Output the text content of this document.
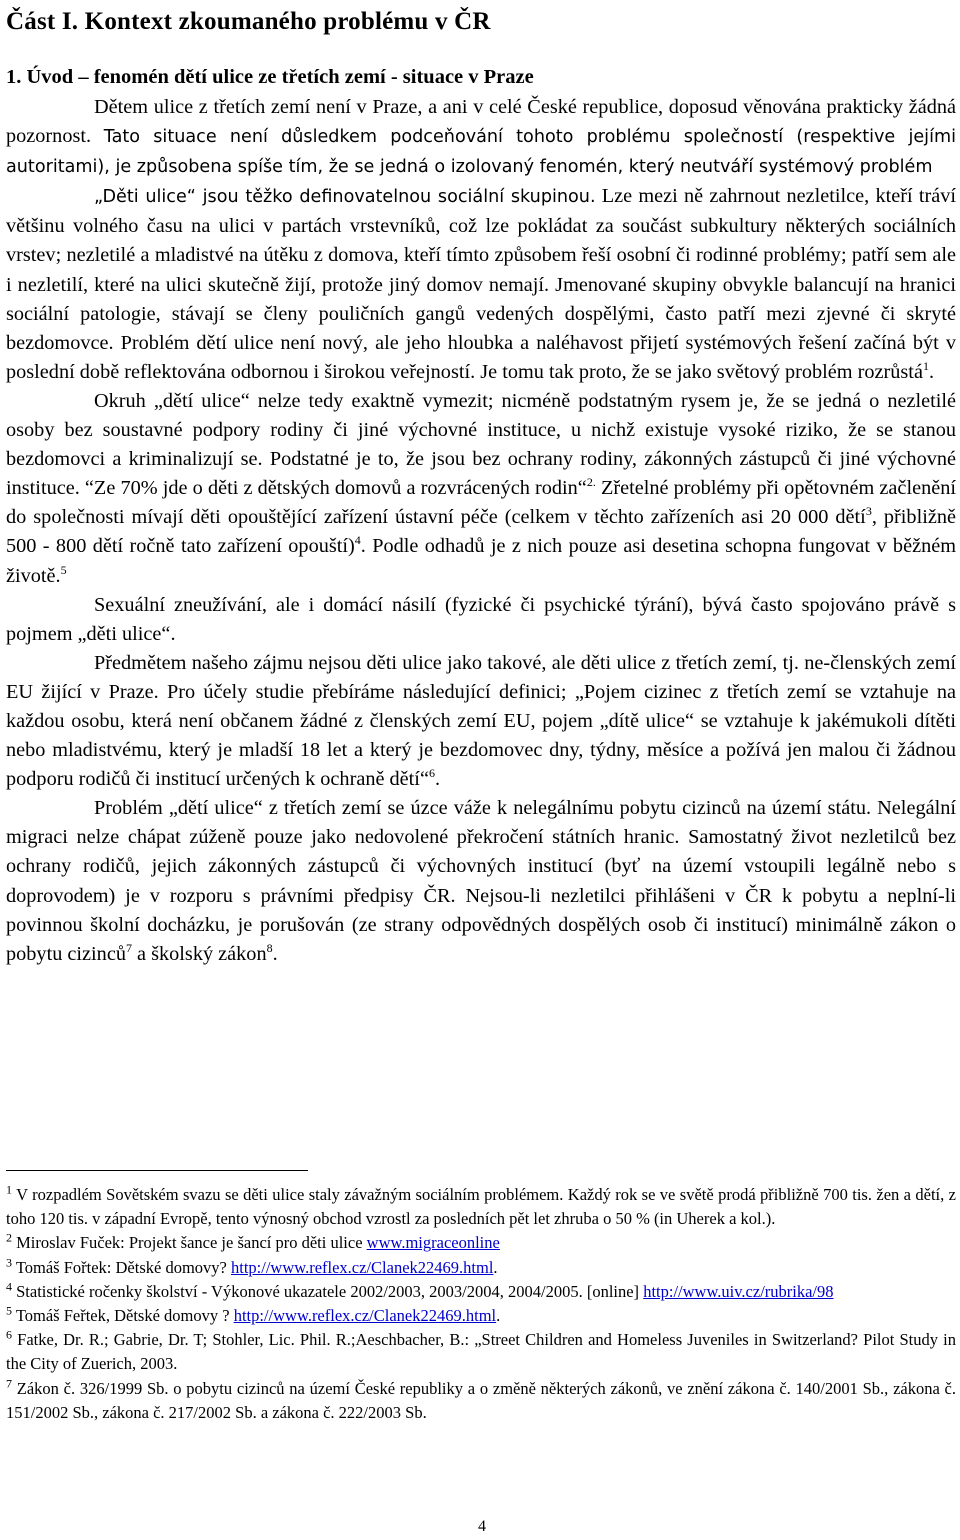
Část I. Kontext zkoumaného problému v ČR
1. Úvod – fenomén dětí ulice ze třetích zemí - situace v Praze

Dětem ulice z třetích zemí není v Praze, a ani v celé České republice, doposud věnována prakticky žádná pozornost. Tato situace není důsledkem podceňování tohoto problému společností (respektive jejími autoritami), je způsobena spíše tím, že se jedná o izolovaný fenomén, který neutváří systémový problém

„Děti ulice“ jsou těžko definovatelnou sociální skupinou. Lze mezi ně zahrnout nezletilce, kteří tráví většinu volného času na ulici v partách vrstevníků, což lze pokládat za součást subkultury některých sociálních vrstev; nezletilé a mladistvé na útěku z domova, kteří tímto způsobem řeší osobní či rodinné problémy; patří sem ale i nezletilí, které na ulici skutečně žijí, protože jiný domov nemají. Jmenované skupiny obvykle balancují na hranici sociální patologie, stávají se členy pouličních gangů vedených dospělými, často patří mezi zjevné či skryté bezdomovce. Problém dětí ulice není nový, ale jeho hloubka a naléhavost přijetí systémových řešení začíná být v poslední době reflektována odbornou i širokou veřejností. Je tomu tak proto, že se jako světový problém rozrůstá$^1$.

Okruh „dětí ulice“ nelze tedy exaktně vymezit; nicméně podstatným rysem je, že se jedná o nezletilé osoby bez soustavné podpory rodiny či jiné výchovné instituce, u nichž existuje vysoké riziko, že se stanou bezdomovci a kriminalizují se. Podstatné je to, že jsou bez ochrany rodiny, zákonných zástupců či jiné výchovné instituce. “Ze 70% jde o děti z dětských domovů a rozvrácených rodin“$^{2.}$ Zřetelné problémy při opětovném začlenění do společnosti mívají děti opouštějící zařízení ústavní péče (celkem v těchto zařízeních asi 20 000 dětí$^3$, přibližně 500 - 800 dětí ročně tato zařízení opouští)$^4$. Podle odhadů je z nich pouze asi desetina schopna fungovat v běžném životě.$^5$

Sexuální zneužívání, ale i domácí násilí (fyzické či psychické týrání), bývá často spojováno právě s pojmem „děti ulice“.

Předmětem našeho zájmu nejsou děti ulice jako takové, ale děti ulice z třetích zemí, tj. ne-členských zemí EU žijící v Praze. Pro účely studie přebíráme následující definici; „Pojem cizinec z třetích zemí se vztahuje na každou osobu, která není občanem žádné z členských zemí EU, pojem „dítě ulice“ se vztahuje k jakémukoli dítěti nebo mladistvému, který je mladší 18 let a který je bezdomovec dny, týdny, měsíce a požívá jen malou či žádnou podporu rodičů či institucí určených k ochraně dětí“$^6$.

Problém „dětí ulice“ z třetích zemí se úzce váže k nelegálnímu pobytu cizinců na území státu. Nelegální migraci nelze chápat zúženě pouze jako nedovolené překročení státních hranic. Samostatný život nezletilců bez ochrany rodičů, jejich zákonných zástupců či výchovných institucí (byť na území vstoupili legálně nebo s doprovodem) je v rozporu s právními předpisy ČR. Nejsou-li nezletilci přihlášeni v ČR k pobytu a neplní-li povinnou školní docházku, je porušován (ze strany odpovědných dospělých osob či institucí) minimálně zákon o pobytu cizinců$^7$ a školský zákon$^8$.

$^1$ V rozpadlém Sovětském svazu se děti ulice staly závažným sociálním problémem. Každý rok se ve světě prodá přibližně 700 tis. žen a dětí, z toho 120 tis. v západní Evropě, tento výnosný obchod vzrostl za posledních pět let zhruba o 50 % (in Uherek a kol.).

$^2$ Miroslav Fuček: Projekt šance je šancí pro děti ulice www.migraceonline

$^3$ Tomáš Fořtek: Dětské domovy? http://www.reflex.cz/Clanek22469.html.

$^4$ Statistické ročenky školství - Výkonové ukazatele 2002/2003, 2003/2004, 2004/2005. [online] http://www.uiv.cz/rubrika/98

$^5$ Tomáš Feřtek, Dětské domovy ? http://www.reflex.cz/Clanek22469.html.

$^6$ Fatke, Dr. R.; Gabrie, Dr. T; Stohler, Lic. Phil. R.;Aeschbacher, B.: „Street Children and Homeless Juveniles in Switzerland? Pilot Study in the City of Zuerich, 2003.

$^7$ Zákon č. 326/1999 Sb. o pobytu cizinců na území České republiky a o změně některých zákonů, ve znění zákona č. 140/2001 Sb., zákona č. 151/2002 Sb., zákona č. 217/2002 Sb. a zákona č. 222/2003 Sb.

4
